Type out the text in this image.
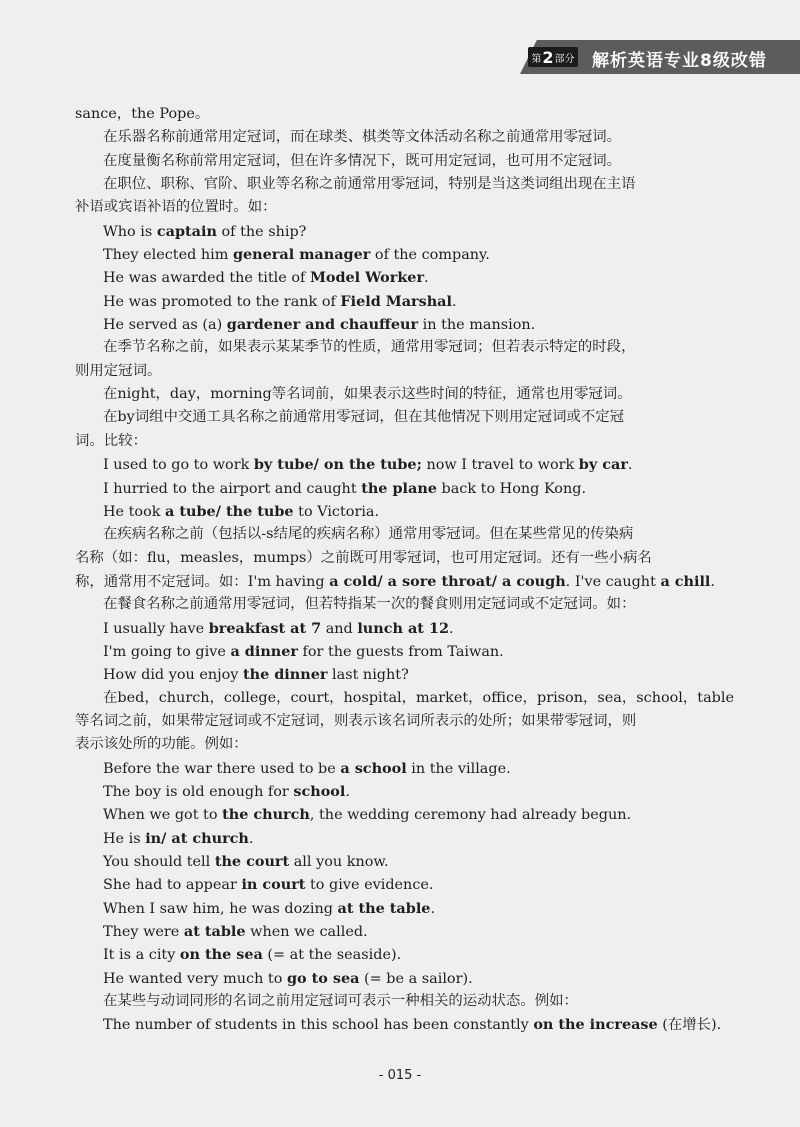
第 2 部分 解析英语专业8级改错
sance，the Pope。
在乐器名称前通常用定冠词，而在球类、棋类等文体活动名称之前通常用零冠词。
在度量衡名称前常用定冠词，但在许多情况下，既可用定冠词，也可用不定冠词。
在职位、职称、官阶、职业等名称之前通常用零冠词，特别是当这类词组出现在主语
补语或宾语补语的位置时。如：
Who is captain of the ship?
They elected him general manager of the company.
He was awarded the title of Model Worker.
He was promoted to the rank of Field Marshal.
He served as (a) gardener and chauffeur in the mansion.
在季节名称之前，如果表示某某季节的性质，通常用零冠词；但若表示特定的时段，
则用定冠词。
在night，day，morning等名词前，如果表示这些时间的特征，通常也用零冠词。
在by词组中交通工具名称之前通常用零冠词，但在其他情况下则用定冠词或不定冠
词。比较：
I used to go to work by tube/ on the tube; now I travel to work by car.
I hurried to the airport and caught the plane back to Hong Kong.
He took a tube/ the tube to Victoria.
在疾病名称之前（包括以-s结尾的疾病名称）通常用零冠词。但在某些常见的传染病
名称（如：flu，measles，mumps）之前既可用零冠词，也可用定冠词。还有一些小病名
称，通常用不定冠词。如：I'm having a cold/ a sore throat/ a cough. I've caught a chill.
在餐食名称之前通常用零冠词，但若特指某一次的餐食则用定冠词或不定冠词。如：
I usually have breakfast at 7 and lunch at 12.
I'm going to give a dinner for the guests from Taiwan.
How did you enjoy the dinner last night?
在bed，church，college，court，hospital，market，office，prison，sea，school，table
等名词之前，如果带定冠词或不定冠词，则表示该名词所表示的处所；如果带零冠词，则
表示该处所的功能。例如：
Before the war there used to be a school in the village.
The boy is old enough for school.
When we got to the church, the wedding ceremony had already begun.
He is in/ at church.
You should tell the court all you know.
She had to appear in court to give evidence.
When I saw him, he was dozing at the table.
They were at table when we called.
It is a city on the sea (= at the seaside).
He wanted very much to go to sea (= be a sailor).
在某些与动词同形的名词之前用定冠词可表示一种相关的运动状态。例如：
The number of students in this school has been constantly on the increase (在增长).
- 015 -
